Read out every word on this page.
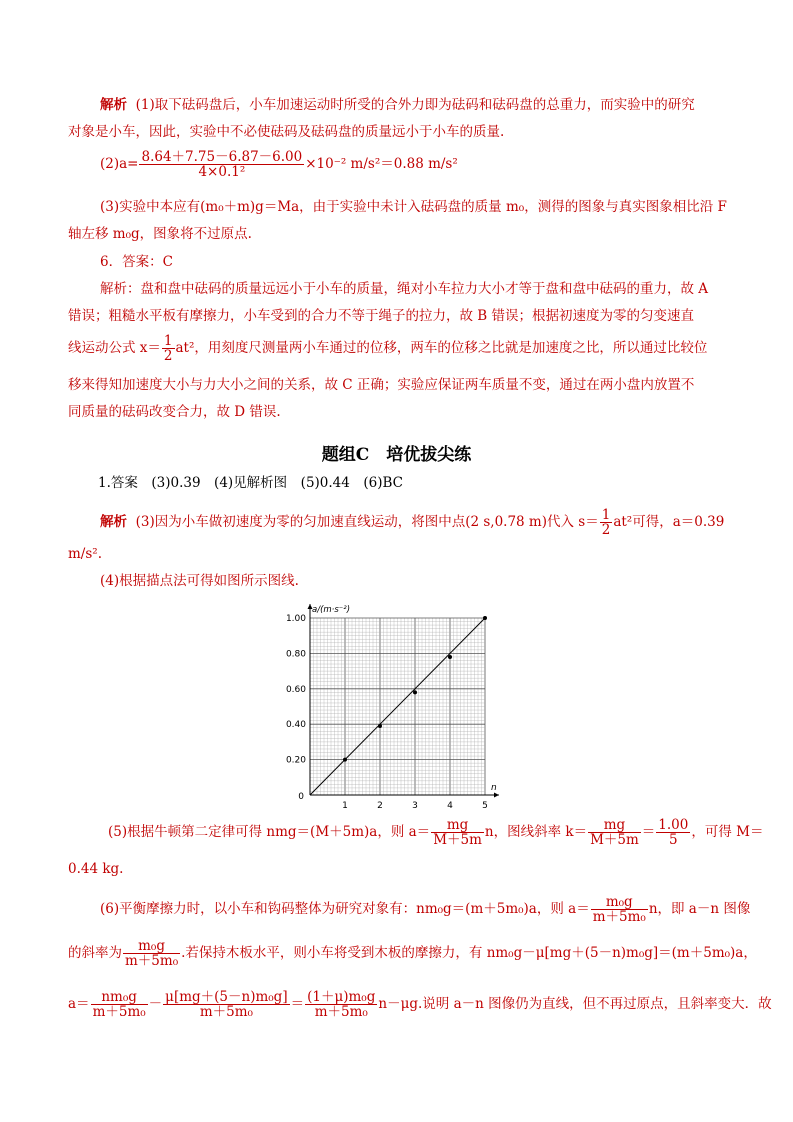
解析 (1)取下砝码盘后，小车加速运动时所受的合外力即为砝码和砝码盘的总重力，而实验中的研究
对象是小车，因此，实验中不必使砝码及砝码盘的质量远小于小车的质量.
$(2)a= \frac{8.64+7.75-6.87-6.00}{\text{4×0.1²}} \times 10^{-2}$ m/s²＝0.88 m/s²
(3)实验中本应有(m₀＋m)g＝Ma，由于实验中未计入砝码盘的质量 m₀，测得的图象与真实图象相比沿 F
轴左移 m₀g，图象将不过原点.
6．答案：C
解析：盘和盘中砝码的质量远远小于小车的质量，绳对小车拉力大小才等于盘和盘中砝码的重力，故 A
错误；粗糙水平板有摩擦力，小车受到的合力不等于绳子的拉力，故 B 错误；根据初速度为零的匀变速直
线运动公式 $x= \frac{1}{2} at^2$，用刻度尺测量两小车通过的位移，两车的位移之比就是加速度之比，所以通过比较位
移来得知加速度大小与力大小之间的关系，故 C 正确；实验应保证两车质量不变，通过在两小盘内放置不
同质量的砝码改变合力，故 D 错误.
题组C　培优拔尖练
1.答案　(3)0.39　(4)见解析图　(5)0.44　(6)BC
解析 (3)因为小车做初速度为零的匀加速直线运动，将图中点(2 s,0.78 m)代入 $s= \frac{1}{2} at^2$可得，a＝0.39
m/s².
(4)根据描点法可得如图所示图线.
1	2	3	4	5
0.20
0.40
0.60
0.80
1.00
0
a/(m·s⁻²)
n
(5)根据牛顿第二定律可得 nmg＝(M＋5m)a，则 $a= \frac{mg}{M+5m}$ n，图线斜率 $k= \frac{mg}{M+5m} = \frac{1.00}{5}$ ，可得 M＝
0.44 kg.
(6)平衡摩擦力时，以小车和钩码整体为研究对象有：nm₀g＝(m＋5m₀)a，则 $a= \frac{\text{m₀g}}{\text{m＋5m₀}}$ n，即 a－n 图像
的斜率为 $\frac{\text{m₀g}}{\text{m＋5m₀}}$ .若保持木板水平，则小车将受到木板的摩擦力，有 nm₀g－μ[mg＋(5－n)m₀g]＝(m＋5m₀)a，
$a= \frac{\text{nm₀g}}{\text{m＋5m₀}} - \frac{\text{μ[mg＋(5－n)m₀g]}}{\text{m＋5m₀}} = \frac{\text{(1＋μ)m₀g}}{\text{m＋5m₀}} n-\mu g$.说明 a－n 图像仍为直线，但不再过原点，且斜率变大．故
